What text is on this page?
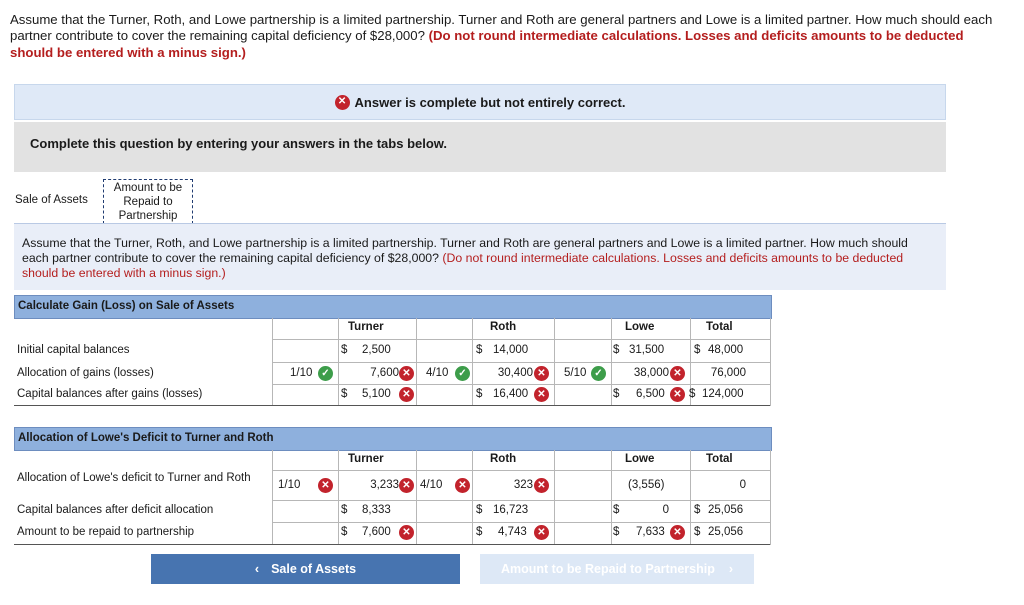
Assume that the Turner, Roth, and Lowe partnership is a limited partnership. Turner and Roth are general partners and Lowe is a limited partner. How much should each partner contribute to cover the remaining capital deficiency of $28,000? (Do not round intermediate calculations. Losses and deficits amounts to be deducted should be entered with a minus sign.)
✕ Answer is complete but not entirely correct.
Complete this question by entering your answers in the tabs below.
Sale of Assets
Amount to be Repaid to Partnership

Assume that the Turner, Roth, and Lowe partnership is a limited partnership. Turner and Roth are general partners and Lowe is a limited partner. How much should each partner contribute to cover the remaining capital deficiency of $28,000? (Do not round intermediate calculations. Losses and deficits amounts to be deducted should be entered with a minus sign.)

Calculate Gain (Loss) on Sale of Assets
Turner	Roth	Lowe	Total
Initial capital balances	$ 2,500	$ 14,000	$ 31,500	$ 48,000
Allocation of gains (losses)	1/10 ✓	7,600 ✕ 4/10 ✓	30,400 ✕ 5/10 ✓	38,000 ✕	76,000
Capital balances after gains (losses)	$ 5,100	✕	$ 16,400 ✕	$ 6,500 ✕ $ 124,000
Allocation of Lowe's Deficit to Turner and Roth
Turner	Roth	Lowe	Total
Allocation of Lowe's deficit to Turner and Roth
1/10	✕	3,233 ✕ 4/10	✕	323 ✕	(3,556)	0
Capital balances after deficit allocation	$ 8,333	$ 16,723	$	0 $ 25,056
Amount to be repaid to partnership	$ 7,600	✕	$ 4,743	✕	$ 7,633 ✕ $ 25,056
‹ Sale of Assets	Amount to be Repaid to Partnership ›
